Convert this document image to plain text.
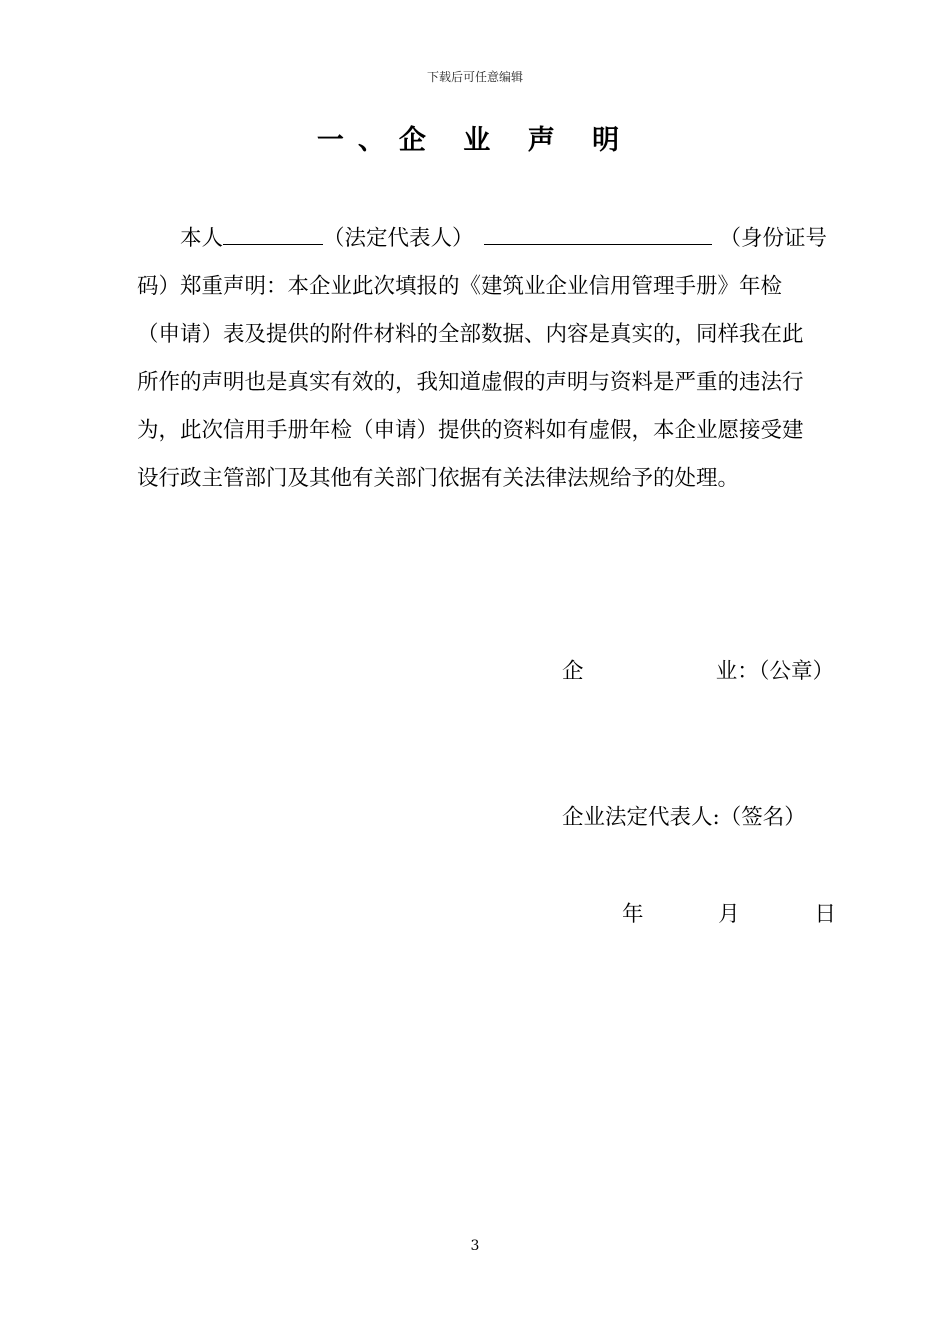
下载后可任意编辑
一、企 业 声 明
本人	（法定代表人）	（身份证号
码）郑重声明：本企业此次填报的《建筑业企业信用管理手册》年检
（申请）表及提供的附件材料的全部数据、内容是真实的，同样我在此
所作的声明也是真实有效的，我知道虚假的声明与资料是严重的违法行
为，此次信用手册年检（申请）提供的资料如有虚假，本企业愿接受建
设行政主管部门及其他有关部门依据有关法律法规给予的处理。
企	业：（公章）
企业法定代表人:（签名）
年	月	日
3
